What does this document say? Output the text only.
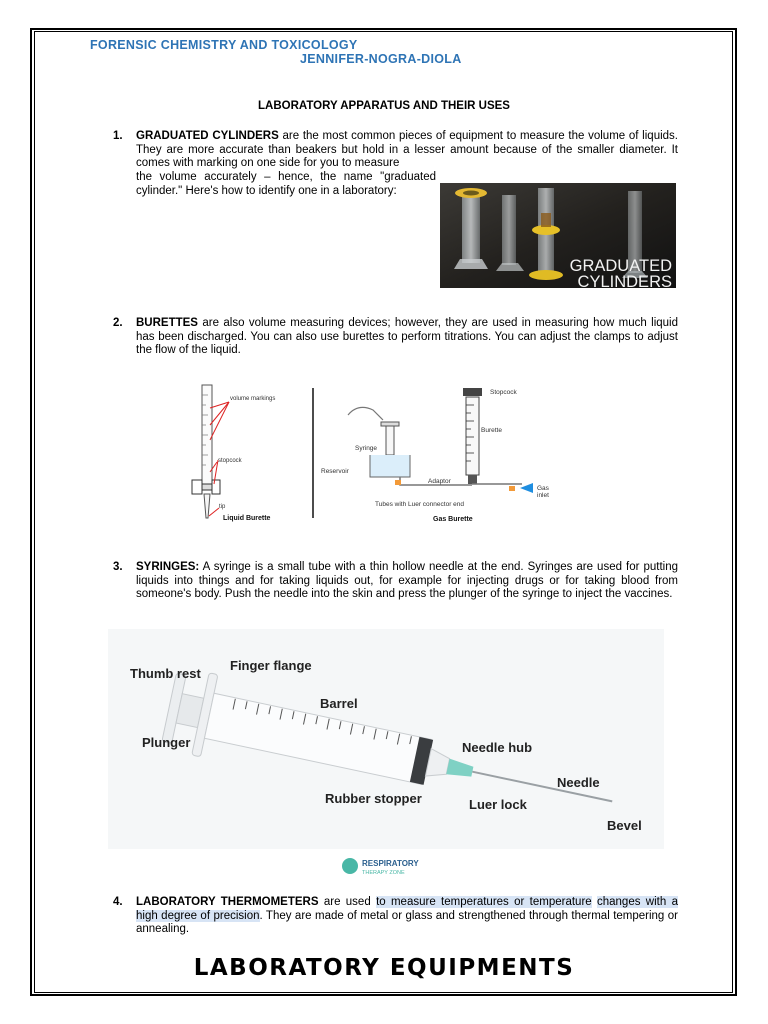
FORENSIC CHEMISTRY AND TOXICOLOGY
JENNIFER-NOGRA-DIOLA
LABORATORY APPARATUS AND THEIR USES
1. GRADUATED CYLINDERS are the most common pieces of equipment to measure the volume of liquids. They are more accurate than beakers but hold in a lesser amount because of the smaller diameter. It comes with marking on one side for you to measure
the volume accurately – hence, the name "graduated cylinder." Here's how to identify one in a laboratory:
GRADUATED
CYLINDERS
2. BURETTES are also volume measuring devices; however, they are used in measuring how much liquid has been discharged. You can also use burettes to perform titrations. You can adjust the clamps to adjust the flow of the liquid.
volume markings
stopcock
tip
Liquid Burette
Syringe
Reservoir
Stopcock
Burette
Adaptor
Gas
inlet
Tubes with Luer connector end
Gas Burette
3. SYRINGES: A syringe is a small tube with a thin hollow needle at the end. Syringes are used for putting liquids into things and for taking liquids out, for example for injecting drugs or for taking blood from someone's body. Push the needle into the skin and press the plunger of the syringe to inject the vaccines.
Thumb rest
Finger flange
Barrel
Plunger	Needle hub
Needle
Rubber stopper	Luer lock
Bevel
RESPIRATORY
THERAPY ZONE
4. LABORATORY THERMOMETERS are used to measure temperatures or temperature changes with a high degree of precision. They are made of metal or glass and strengthened through thermal tempering or annealing.
LABORATORY EQUIPMENTS
